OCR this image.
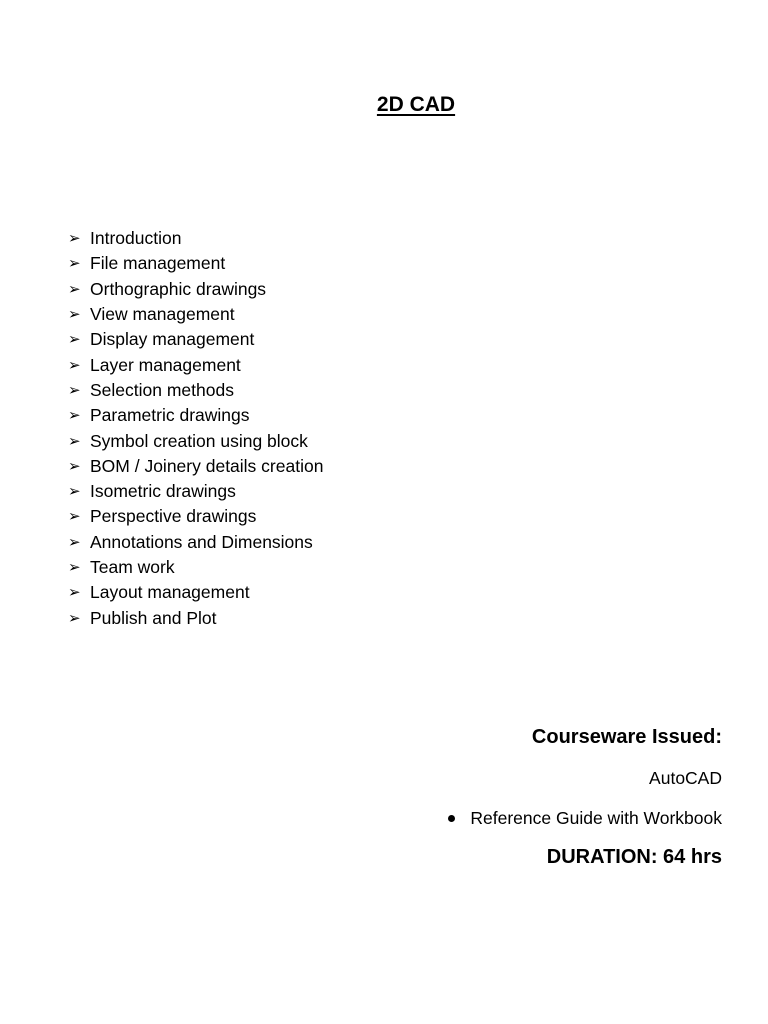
2D CAD
➢ Introduction
➢ File management
➢ Orthographic drawings
➢ View management
➢ Display management
➢ Layer management
➢ Selection methods
➢ Parametric drawings
➢ Symbol creation using block
➢ BOM / Joinery details creation
➢ Isometric drawings
➢ Perspective drawings
➢ Annotations and Dimensions
➢ Team work
➢ Layout management
➢ Publish and Plot
Courseware Issued:
AutoCAD
Reference Guide with Workbook
DURATION: 64 hrs
